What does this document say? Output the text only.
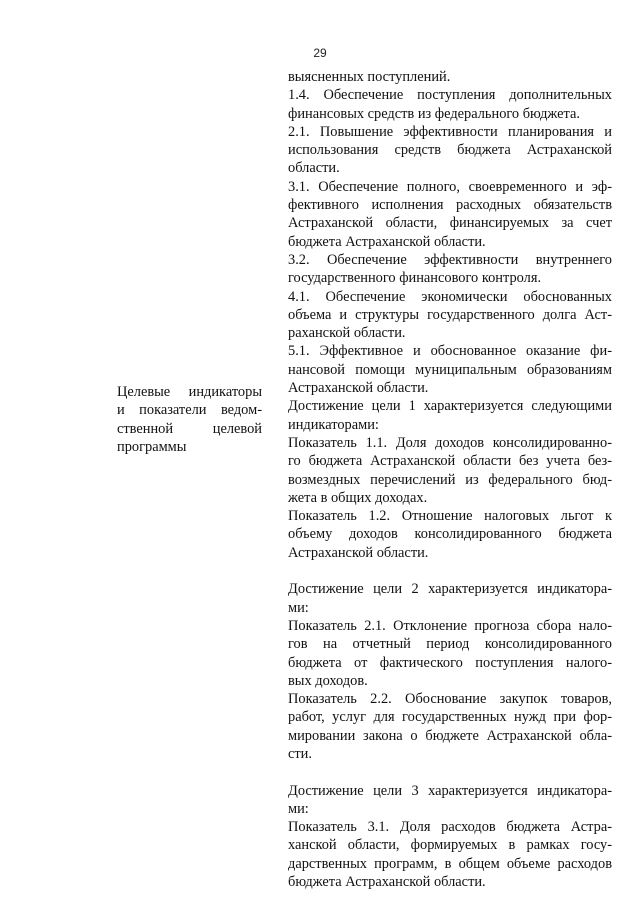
29
Целевые индикаторы
и показатели ведом-
ственной целевой
программы
выясненных поступлений.
1.4. Обеспечение поступления дополнительных
финансовых средств из федерального бюджета.
2.1. Повышение эффективности планирования и
использования средств бюджета Астраханской
области.
3.1. Обеспечение полного, своевременного и эф-
фективного исполнения расходных обязательств
Астраханской области, финансируемых за счет
бюджета Астраханской области.
3.2. Обеспечение эффективности внутреннего
государственного финансового контроля.
4.1. Обеспечение экономически обоснованных
объема и структуры государственного долга Аст-
раханской области.
5.1. Эффективное и обоснованное оказание фи-
нансовой помощи муниципальным образованиям
Астраханской области.
Достижение цели 1 характеризуется следующими
индикаторами:
Показатель 1.1. Доля доходов консолидированно-
го бюджета Астраханской области без учета без-
возмездных перечислений из федерального бюд-
жета в общих доходах.
Показатель 1.2. Отношение налоговых льгот к
объему доходов консолидированного бюджета
Астраханской области.
Достижение цели 2 характеризуется индикатора-
ми:
Показатель 2.1. Отклонение прогноза сбора нало-
гов на отчетный период консолидированного
бюджета от фактического поступления налого-
вых доходов.
Показатель 2.2. Обоснование закупок товаров,
работ, услуг для государственных нужд при фор-
мировании закона о бюджете Астраханской обла-
сти.
Достижение цели 3 характеризуется индикатора-
ми:
Показатель 3.1. Доля расходов бюджета Астра-
ханской области, формируемых в рамках госу-
дарственных программ, в общем объеме расходов
бюджета Астраханской области.
